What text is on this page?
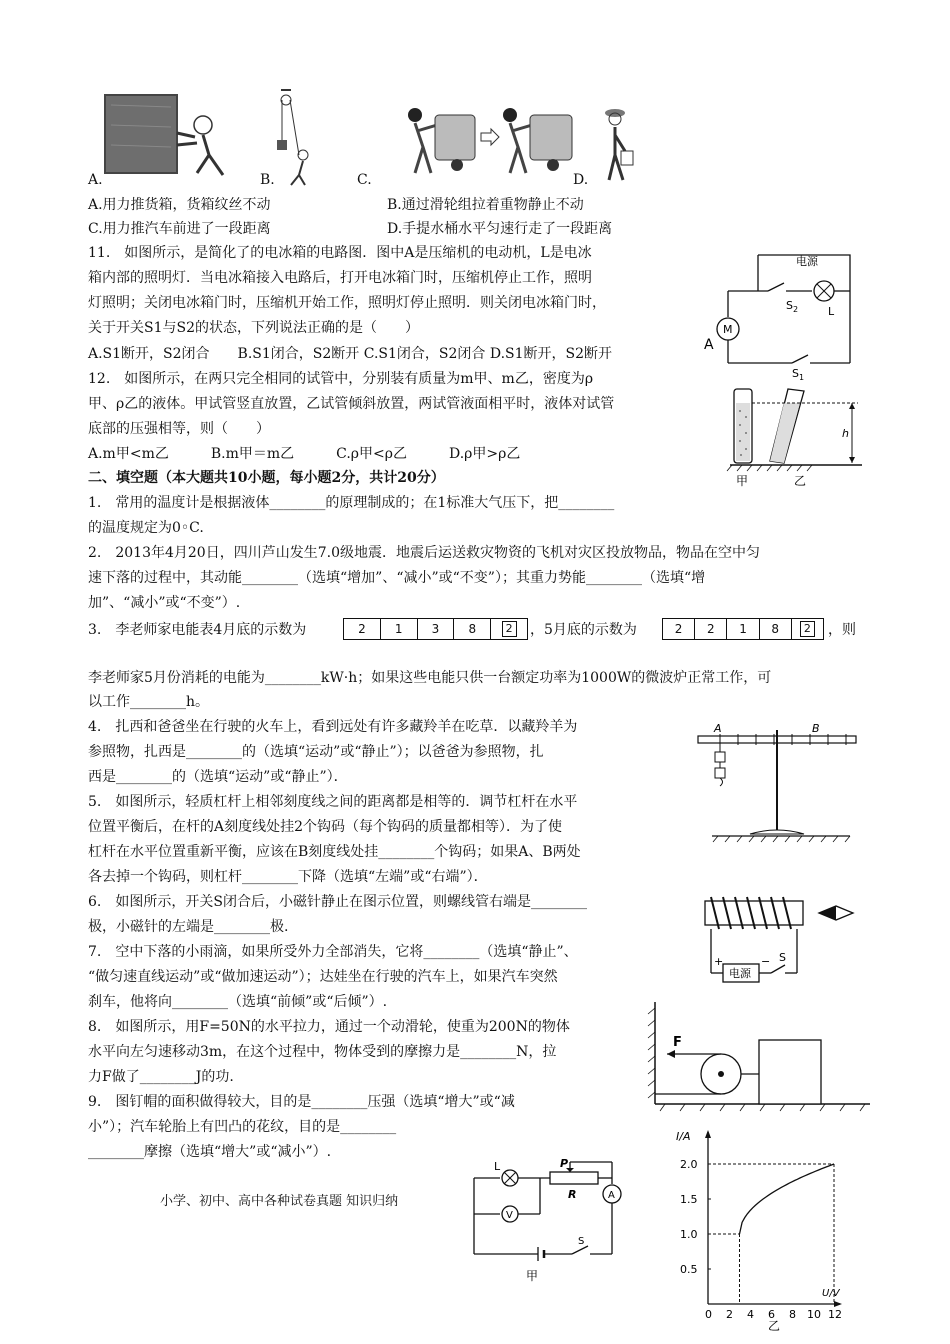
A.	B.	C.	D.
A.用力推货箱，货箱纹丝不动	B.通过滑轮组拉着重物静止不动
C.用力推汽车前进了一段距离	D.手提水桶水平匀速行走了一段距离
11.　如图所示，是简化了的电冰箱的电路图．图中A是压缩机的电动机，L是电冰
箱内部的照明灯．当电冰箱接入电路后，打开电冰箱门时，压缩机停止工作，照明
灯照明；关闭电冰箱门时，压缩机开始工作，照明灯停止照明．则关闭电冰箱门时，
关于开关S1与S2的状态，下列说法正确的是（　　）
A.S1断开，S2闭合　　B.S1闭合，S2断开 C.S1闭合，S2闭合 D.S1断开，S2断开
电源
$S_2$	L
M
A
$S_1$
12.　如图所示，在两只完全相同的试管中，分别装有质量为m甲、m乙，密度为ρ
甲、ρ乙的液体。甲试管竖直放置，乙试管倾斜放置，两试管液面相平时，液体对试管
底部的压强相等，则（　　）
A.m甲<m乙　　　B.m甲＝m乙　　　C.ρ甲<ρ乙　　　D.ρ甲>ρ乙
h
甲	乙
二、填空题（本大题共10小题，每小题2分，共计20分）
1.　常用的温度计是根据液体________的原理制成的；在1标准大气压下，把________
的温度规定为0◦C.
2.　2013年4月20日，四川芦山发生7.0级地震．地震后运送救灾物资的飞机对灾区投放物品，物品在空中匀
速下落的过程中，其动能________（选填“增加”、“减小”或“不变”）；其重力势能________（选填“增
加”、“减小”或“不变”）.
3.　李老师家电能表4月底的示数为	2	1	3	8	2 ，5月底的示数为	2	2	1	8	2 ，则
李老师家5月份消耗的电能为________kW·h；如果这些电能只供一台额定功率为1000W的微波炉正常工作，可
以工作________h。
4.　扎西和爸爸坐在行驶的火车上，看到远处有许多藏羚羊在吃草．以藏羚羊为
参照物，扎西是________的（选填“运动”或“静止”）；以爸爸为参照物，扎
西是________的（选填“运动”或“静止”）．
A	B
5.　如图所示，轻质杠杆上相邻刻度线之间的距离都是相等的．调节杠杆在水平
位置平衡后，在杆的A刻度线处挂2个钩码（每个钩码的质量都相等）．为了使
杠杆在水平位置重新平衡，应该在B刻度线处挂________个钩码；如果A、B两处
各去掉一个钩码，则杠杆________下降（选填“左端”或“右端”）．
6.　如图所示，开关S闭合后，小磁针静止在图示位置，则螺线管右端是________
极，小磁针的左端是________极.
+
电源
− S
7.　空中下落的小雨滴，如果所受外力全部消失，它将________（选填“静止”、
“做匀速直线运动”或“做加速运动”）；达娃坐在行驶的汽车上，如果汽车突然
刹车，他将向________（选填“前倾”或“后倾”）.
8.　如图所示，用F=50N的水平拉力，通过一个动滑轮，使重为200N的物体
水平向左匀速移动3m，在这个过程中，物体受到的摩擦力是________N，拉
力F做了________J的功.
F
9.　图钉帽的面积做得较大，目的是________压强（选填“增大”或“减
小”）；汽车轮胎上有凹凸的花纹，目的是________
________摩擦（选填“增大”或“减小”）.
小学、初中、高中各种试卷真题 知识归纳
L
R
P
A
V
S
甲
I/A
U/V
2.0
1.5
1.0
0.5
0 2 4 6 8 10 12
乙
